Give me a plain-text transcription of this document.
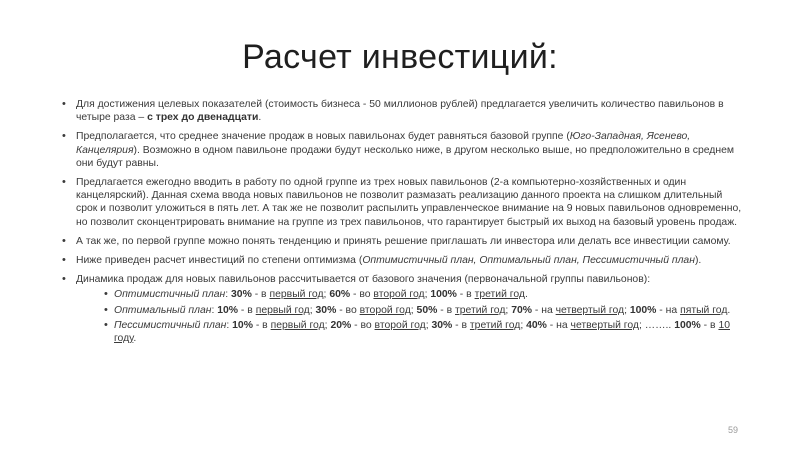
Расчет инвестиций:
• Для достижения целевых показателей (стоимость бизнеса - 50 миллионов рублей) предлагается увеличить количество павильонов в четыре раза – с трех до двенадцати.
• Предполагается, что среднее значение продаж в новых павильонах будет равняться базовой группе (Юго-Западная, Ясенево, Канцелярия). Возможно в одном павильоне продажи будут несколько ниже, в другом несколько выше, но предположительно в среднем они будут равны.
• Предлагается ежегодно вводить в работу по одной группе из трех новых павильонов (2-а компьютерно-хозяйственных и один канцелярский). Данная схема ввода новых павильонов не позволит размазать реализацию данного проекта на слишком длительный срок и позволит уложиться в пять лет. А так же не позволит распылить управленческое внимание на 9 новых павильонов одновременно, но позволит сконцентрировать внимание на группе из трех павильонов, что гарантирует быстрый их выход на базовый уровень продаж.
• А так же, по первой группе можно понять тенденцию и принять решение приглашать ли инвестора или делать все инвестиции самому.
• Ниже приведен расчет инвестиций по степени оптимизма (Оптимистичный план, Оптимальный план, Пессимистичный план).
• Динамика продаж для новых павильонов рассчитывается от базового значения (первоначальной группы павильонов):
• Оптимистичный план: 30% - в первый год; 60% - во второй год; 100% - в третий год.
• Оптимальный план: 10% - в первый год; 30% - во второй год; 50% - в третий год; 70% - на четвертый год; 100% - на пятый год.
• Пессимистичный план: 10% - в первый год; 20% - во второй год; 30% - в третий год; 40% - на четвертый год; …….. 100% - в 10 году.
59
